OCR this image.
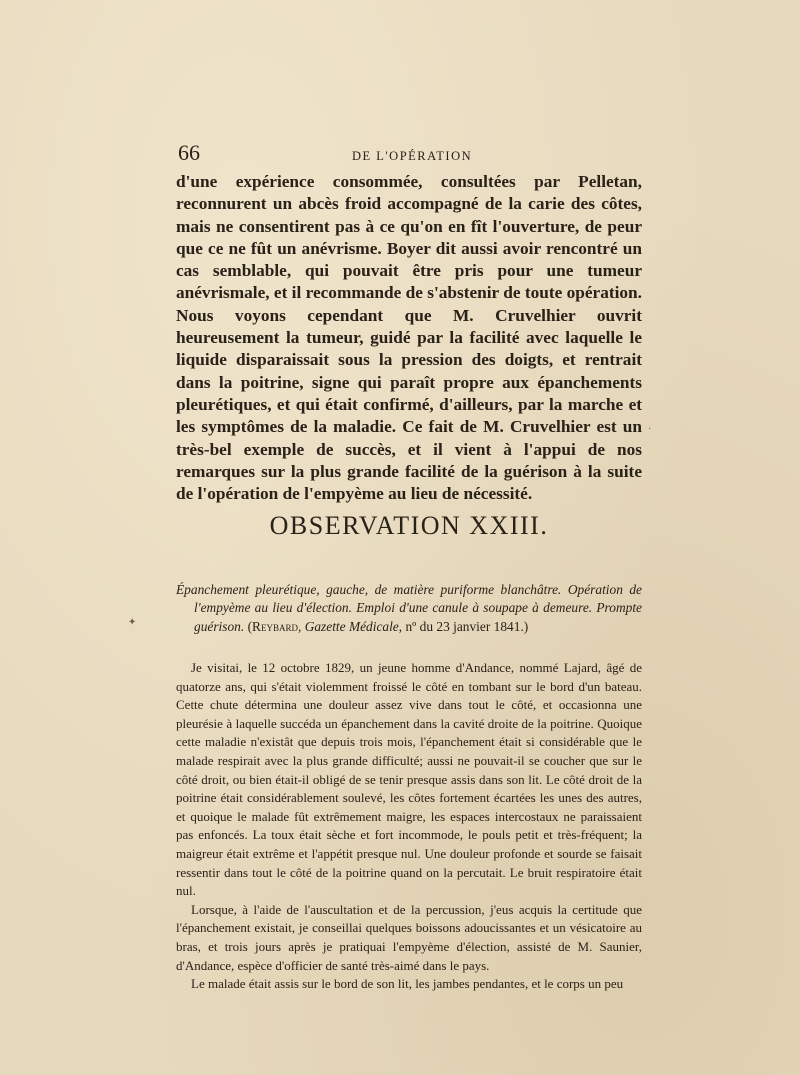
66	DE L'OPÉRATION

d'une expérience consommée, consultées par Pelletan, reconnurent un abcès froid accompagné de la carie des côtes, mais ne consentirent pas à ce qu'on en fît l'ouverture, de peur que ce ne fût un anévrisme. Boyer dit aussi avoir rencontré un cas semblable, qui pouvait être pris pour une tumeur anévrismale, et il recommande de s'abstenir de toute opération. Nous voyons cependant que M. Cruvelhier ouvrit heureusement la tumeur, guidé par la facilité avec laquelle le liquide disparaissait sous la pression des doigts, et rentrait dans la poitrine, signe qui paraît propre aux épanchements pleurétiques, et qui était confirmé, d'ailleurs, par la marche et les symptômes de la maladie. Ce fait de M. Cruvelhier est un très-bel exemple de succès, et il vient à l'appui de nos remarques sur la plus grande facilité de la guérison à la suite de l'opération de l'empyème au lieu de nécessité.

OBSERVATION XXIII.

Épanchement pleurétique, gauche, de matière puriforme blanchâtre. Opération de l'empyème au lieu d'élection. Emploi d'une canule à soupape à demeure. Prompte guérison. (Reybard, Gazette Médicale, nº du 23 janvier 1841.)

Je visitai, le 12 octobre 1829, un jeune homme d'Andance, nommé Lajard, âgé de quatorze ans, qui s'était violemment froissé le côté en tombant sur le bord d'un bateau. Cette chute détermina une douleur assez vive dans tout le côté, et occasionna une pleurésie à laquelle succéda un épanchement dans la cavité droite de la poitrine. Quoique cette maladie n'existât que depuis trois mois, l'épanchement était si considérable que le malade respirait avec la plus grande difficulté; aussi ne pouvait-il se coucher que sur le côté droit, ou bien était-il obligé de se tenir presque assis dans son lit. Le côté droit de la poitrine était considérablement soulevé, les côtes fortement écartées les unes des autres, et quoique le malade fût extrêmement maigre, les espaces intercostaux ne paraissaient pas enfoncés. La toux était sèche et fort incommode, le pouls petit et très-fréquent; la maigreur était extrême et l'appétit presque nul. Une douleur profonde et sourde se faisait ressentir dans tout le côté de la poitrine quand on la percutait. Le bruit respiratoire était nul.

Lorsque, à l'aide de l'auscultation et de la percussion, j'eus acquis la certitude que l'épanchement existait, je conseillai quelques boissons adoucissantes et un vésicatoire au bras, et trois jours après je pratiquai l'empyème d'élection, assisté de M. Saunier, d'Andance, espèce d'officier de santé très-aimé dans le pays.

Le malade était assis sur le bord de son lit, les jambes pendantes, et le corps un peu

✦
·
